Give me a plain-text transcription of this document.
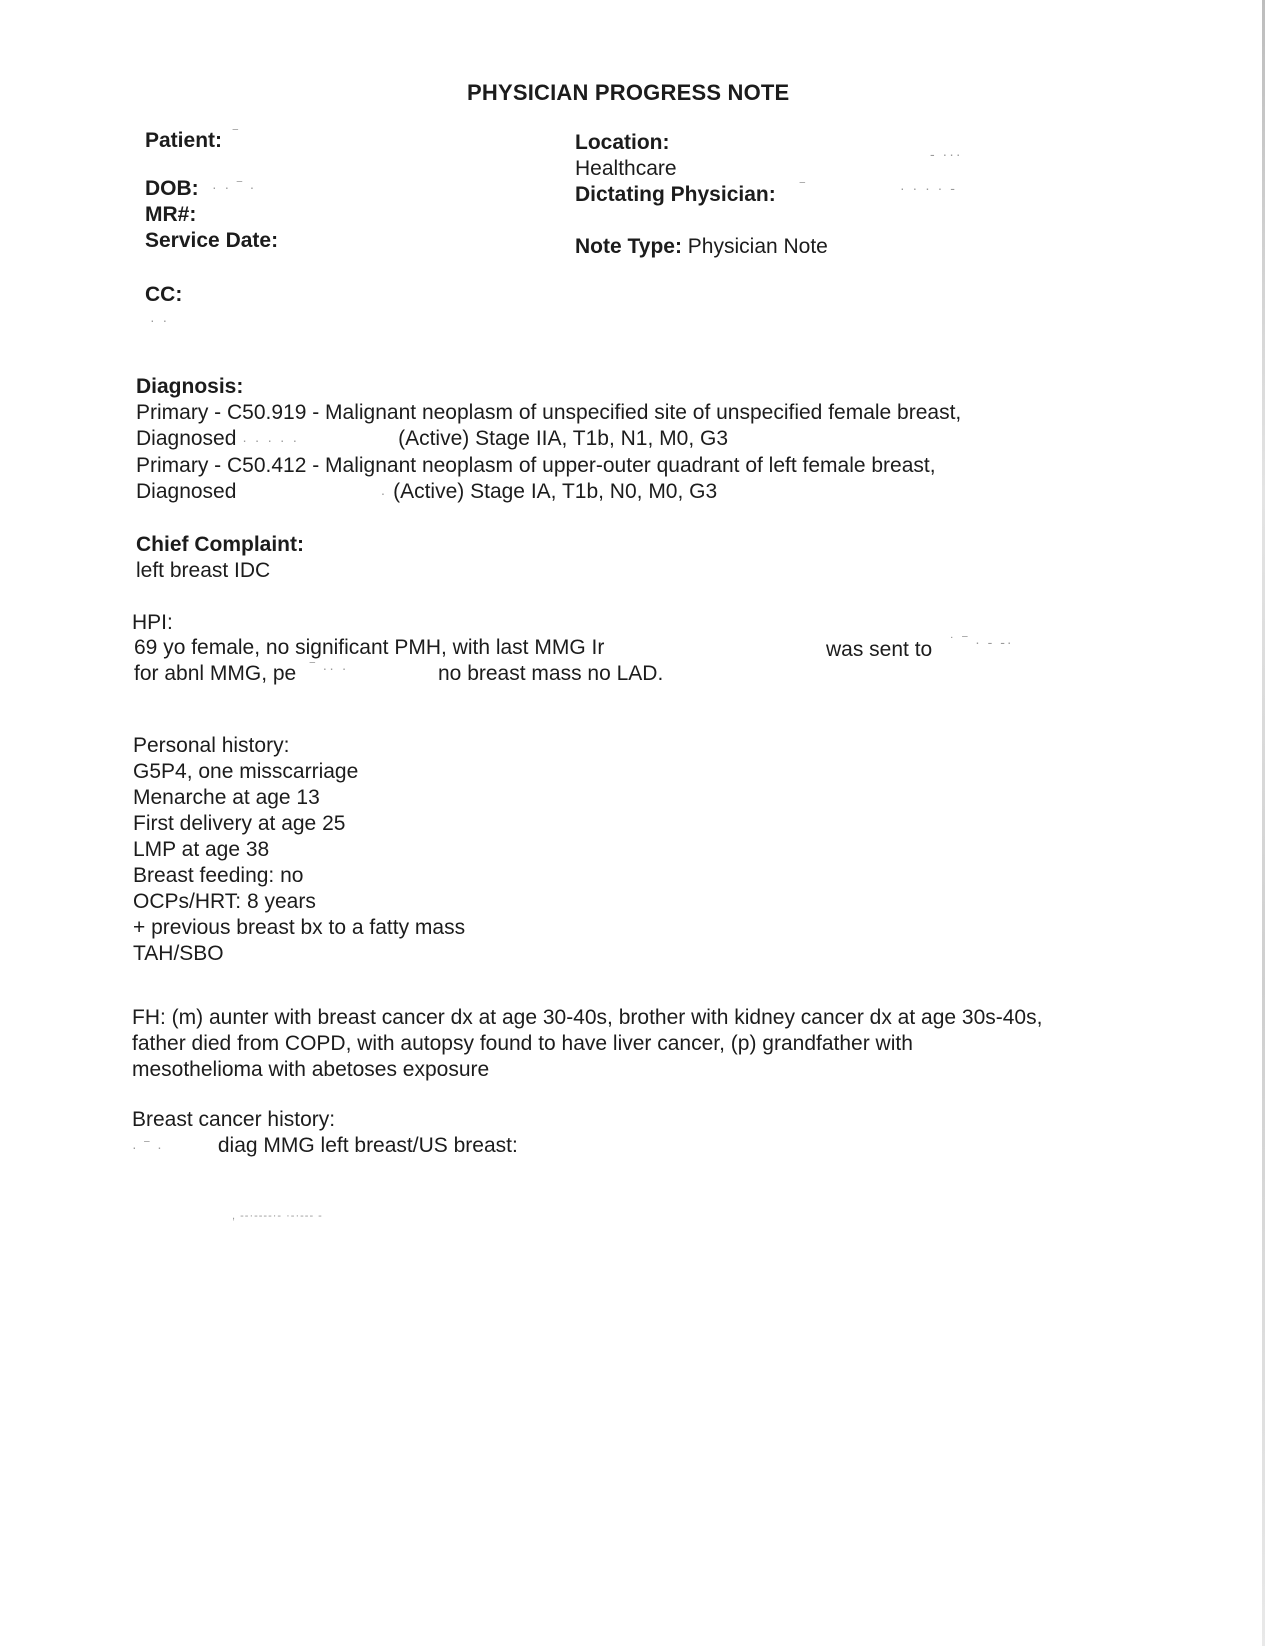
PHYSICIAN PROGRESS NOTE
Patient: ‾
DOB: · · ‾ ·
MR#:
Service Date:
Location:
Healthcare
‐ ···
Dictating Physician: ‾	· · · · ‐
Note Type: Physician Note
CC:
· ·
Diagnosis:
Primary - C50.919 - Malignant neoplasm of unspecified site of unspecified female breast,
Diagnosed · · · · ·	(Active) Stage IIA, T1b, N1, M0, G3
Primary - C50.412 - Malignant neoplasm of upper-outer quadrant of left female breast,
Diagnosed	· (Active) Stage IA, T1b, N0, M0, G3
Chief Complaint:
left breast IDC
HPI:
69 yo female, no significant PMH, with last MMG Ir	was sent to ˙ ‾ · ‐ ‐·
for abnl MMG, pe ‾ ·· ·	no breast mass no LAD.
Personal history:
G5P4, one misscarriage
Menarche at age 13
First delivery at age 25
LMP at age 38
Breast feeding: no
OCPs/HRT: 8 years
+ previous breast bx to a fatty mass
TAH/SBO
FH: (m) aunter with breast cancer dx at age 30-40s, brother with kidney cancer dx at age 30s-40s,
father died from COPD, with autopsy found to have liver cancer, (p) grandfather with
mesothelioma with abetoses exposure
Breast cancer history:
· ‾ ·	diag MMG left breast/US breast:
, ‐‐·‐‐‐‐·‐ ·‐·‐‐‐ ‐
